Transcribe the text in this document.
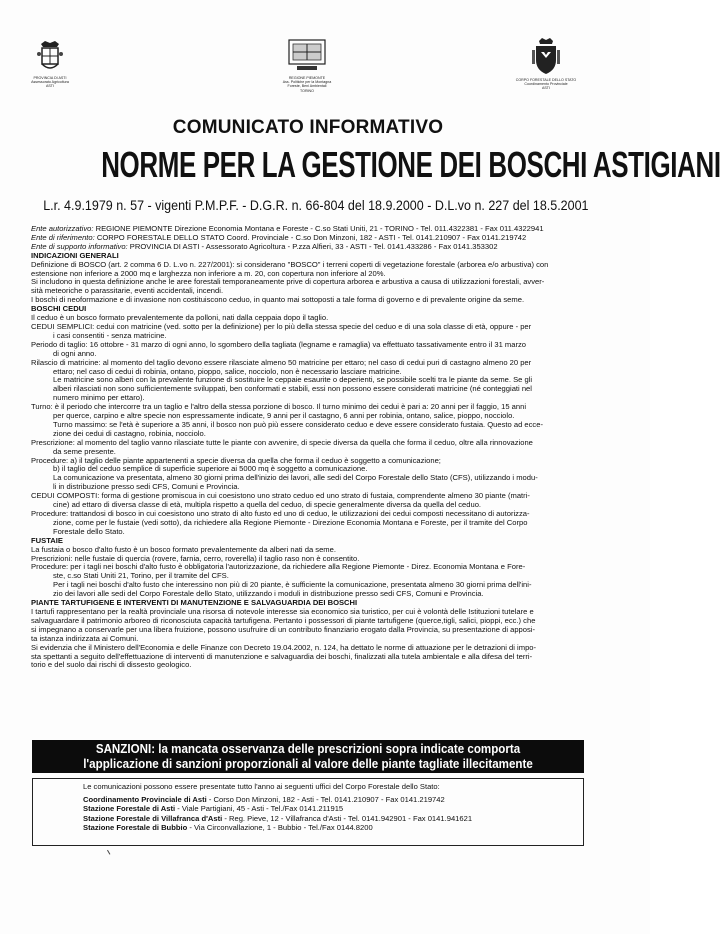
PROVINCIA DI ASTI
Assessorato Agricoltura
ASTI
REGIONE PIEMONTE
Ass. Politiche per la Montagna
Foreste, Beni Ambientali
TORINO
CORPO FORESTALE DELLO STATO
Coordinamento Provinciale
ASTI
COMUNICATO INFORMATIVO
NORME PER LA GESTIONE DEI BOSCHI ASTIGIANI
L.r. 4.9.1979 n. 57 - vigenti P.M.P.F. - D.G.R. n. 66-804 del 18.9.2000 - D.L.vo n. 227 del 18.5.2001
Ente autorizzativo: REGIONE PIEMONTE Direzione Economia Montana e Foreste - C.so Stati Uniti, 21 - TORINO - Tel. 011.4322381 - Fax 011.4322941
Ente di riferimento: CORPO FORESTALE DELLO STATO Coord. Provinciale - C.so Don Minzoni, 182 - ASTI - Tel. 0141.210907 - Fax 0141.219742
Ente di supporto informativo: PROVINCIA DI ASTI - Assessorato Agricoltura - P.zza Alfieri, 33 - ASTI - Tel. 0141.433286 - Fax 0141.353302
INDICAZIONI GENERALI
Definizione di BOSCO (art. 2 comma 6 D. L.vo n. 227/2001): si considerano "BOSCO" i terreni coperti di vegetazione forestale (arborea e/o arbustiva) con
estensione non inferiore a 2000 mq e larghezza non inferiore a m. 20, con copertura non inferiore al 20%.
Si includono in questa definizione anche le aree forestali temporaneamente prive di copertura arborea e arbustiva a causa di utilizzazioni forestali, avver-
sità meteoriche o parassitarie, eventi accidentali, incendi.
I boschi di neoformazione e di invasione non costituiscono ceduo, in quanto mai sottoposti a tale forma di governo e di prevalente origine da seme.
BOSCHI CEDUI
Il ceduo è un bosco formato prevalentemente da polloni, nati dalla ceppaia dopo il taglio.
CEDUI SEMPLICI: cedui con matricine (ved. sotto per la definizione) per lo più della stessa specie del ceduo e di una sola classe di età, oppure - per
i casi consentiti - senza matricine.
Periodo di taglio: 16 ottobre - 31 marzo di ogni anno, lo sgombero della tagliata (legname e ramaglia) va effettuato tassativamente entro il 31 marzo
di ogni anno.
Rilascio di matricine: al momento del taglio devono essere rilasciate almeno 50 matricine per ettaro; nel caso di cedui puri di castagno almeno 20 per
ettaro; nel caso di cedui di robinia, ontano, pioppo, salice, nocciolo, non è necessario lasciare matricine.
Le matricine sono alberi con la prevalente funzione di sostituire le ceppaie esaurite o deperienti, se possibile scelti tra le piante da seme. Se gli
alberi rilasciati non sono sufficientemente sviluppati, ben conformati e stabili, essi non possono essere considerati matricine (né conteggiati nel
numero minimo per ettaro).
Turno: è il periodo che intercorre tra un taglio e l'altro della stessa porzione di bosco. Il turno minimo dei cedui è pari a: 20 anni per il faggio, 15 anni
per querce, carpino e altre specie non espressamente indicate, 9 anni per il castagno, 6 anni per robinia, ontano, salice, pioppo, nocciolo.
Turno massimo: se l'età è superiore a 35 anni, il bosco non può più essere considerato ceduo e deve essere considerato fustaia. Questo ad ecce-
zione dei cedui di castagno, robinia, nocciolo.
Prescrizione: al momento del taglio vanno rilasciate tutte le piante con avvenire, di specie diversa da quella che forma il ceduo, oltre alla rinnovazione
da seme presente.
Procedure: a) il taglio delle piante appartenenti a specie diversa da quella che forma il ceduo è soggetto a comunicazione;
b) il taglio del ceduo semplice di superficie superiore ai 5000 mq è soggetto a comunicazione.
La comunicazione va presentata, almeno 30 giorni prima dell'inizio dei lavori, alle sedi del Corpo Forestale dello Stato (CFS), utilizzando i modu-
li in distribuzione presso sedi CFS, Comuni e Provincia.
CEDUI COMPOSTI: forma di gestione promiscua in cui coesistono uno strato ceduo ed uno strato di fustaia, comprendente almeno 30 piante (matri-
cine) ad ettaro di diversa classe di età, multipla rispetto a quella del ceduo, di specie generalmente diversa da quella del ceduo.
Procedure: trattandosi di bosco in cui coesistono uno strato di alto fusto ed uno di ceduo, le utilizzazioni dei cedui composti necessitano di autorizza-
zione, come per le fustaie (vedi sotto), da richiedere alla Regione Piemonte - Direzione Economia Montana e Foreste, per il tramite del Corpo
Forestale dello Stato.
FUSTAIE
La fustaia o bosco d'alto fusto è un bosco formato prevalentemente da alberi nati da seme.
Prescrizioni: nelle fustaie di quercia (rovere, farnia, cerro, roverella) il taglio raso non è consentito.
Procedure: per i tagli nei boschi d'alto fusto è obbligatoria l'autorizzazione, da richiedere alla Regione Piemonte - Direz. Economia Montana e Fore-
ste, c.so Stati Uniti 21, Torino, per il tramite del CFS.
Per i tagli nei boschi d'alto fusto che interessino non più di 20 piante, è sufficiente la comunicazione, presentata almeno 30 giorni prima dell'ini-
zio dei lavori alle sedi del Corpo Forestale dello Stato, utilizzando i moduli in distribuzione presso sedi CFS, Comuni e Provincia.
PIANTE TARTUFIGENE E INTERVENTI DI MANUTENZIONE E SALVAGUARDIA DEI BOSCHI
I tartufi rappresentano per la realtà provinciale una risorsa di notevole interesse sia economico sia turistico, per cui è volontà delle Istituzioni tutelare e
salvaguardare il patrimonio arboreo di riconosciuta capacità tartufigena. Pertanto i possessori di piante tartufigene (querce,tigli, salici, pioppi, ecc.) che
si impegnano a conservarle per una libera fruizione, possono usufruire di un contributo finanziario erogato dalla Provincia, su presentazione di apposi-
ta istanza indirizzata ai Comuni.
Si evidenzia che il Ministero dell'Economia e delle Finanze con Decreto 19.04.2002, n. 124, ha dettato le norme di attuazione per le detrazioni di impo-
sta spettanti a seguito dell'effettuazione di interventi di manutenzione e salvaguardia dei boschi, finalizzati alla tutela ambientale e alla difesa del terri-
torio e del suolo dai rischi di dissesto geologico.
SANZIONI: la mancata osservanza delle prescrizioni sopra indicate comporta
l'applicazione di sanzioni proporzionali al valore delle piante tagliate illecitamente
Le comunicazioni possono essere presentate tutto l'anno ai seguenti uffici del Corpo Forestale dello Stato:
Coordinamento Provinciale di Asti - Corso Don Minzoni, 182 - Asti - Tel. 0141.210907 - Fax 0141.219742
Stazione Forestale di Asti - Viale Partigiani, 45 - Asti - Tel./Fax 0141.211915
Stazione Forestale di Villafranca d'Asti - Reg. Pieve, 12 - Villafranca d'Asti - Tel. 0141.942901 - Fax 0141.941621
Stazione Forestale di Bubbio - Via Circonvallazione, 1 - Bubbio - Tel./Fax 0144.8200
